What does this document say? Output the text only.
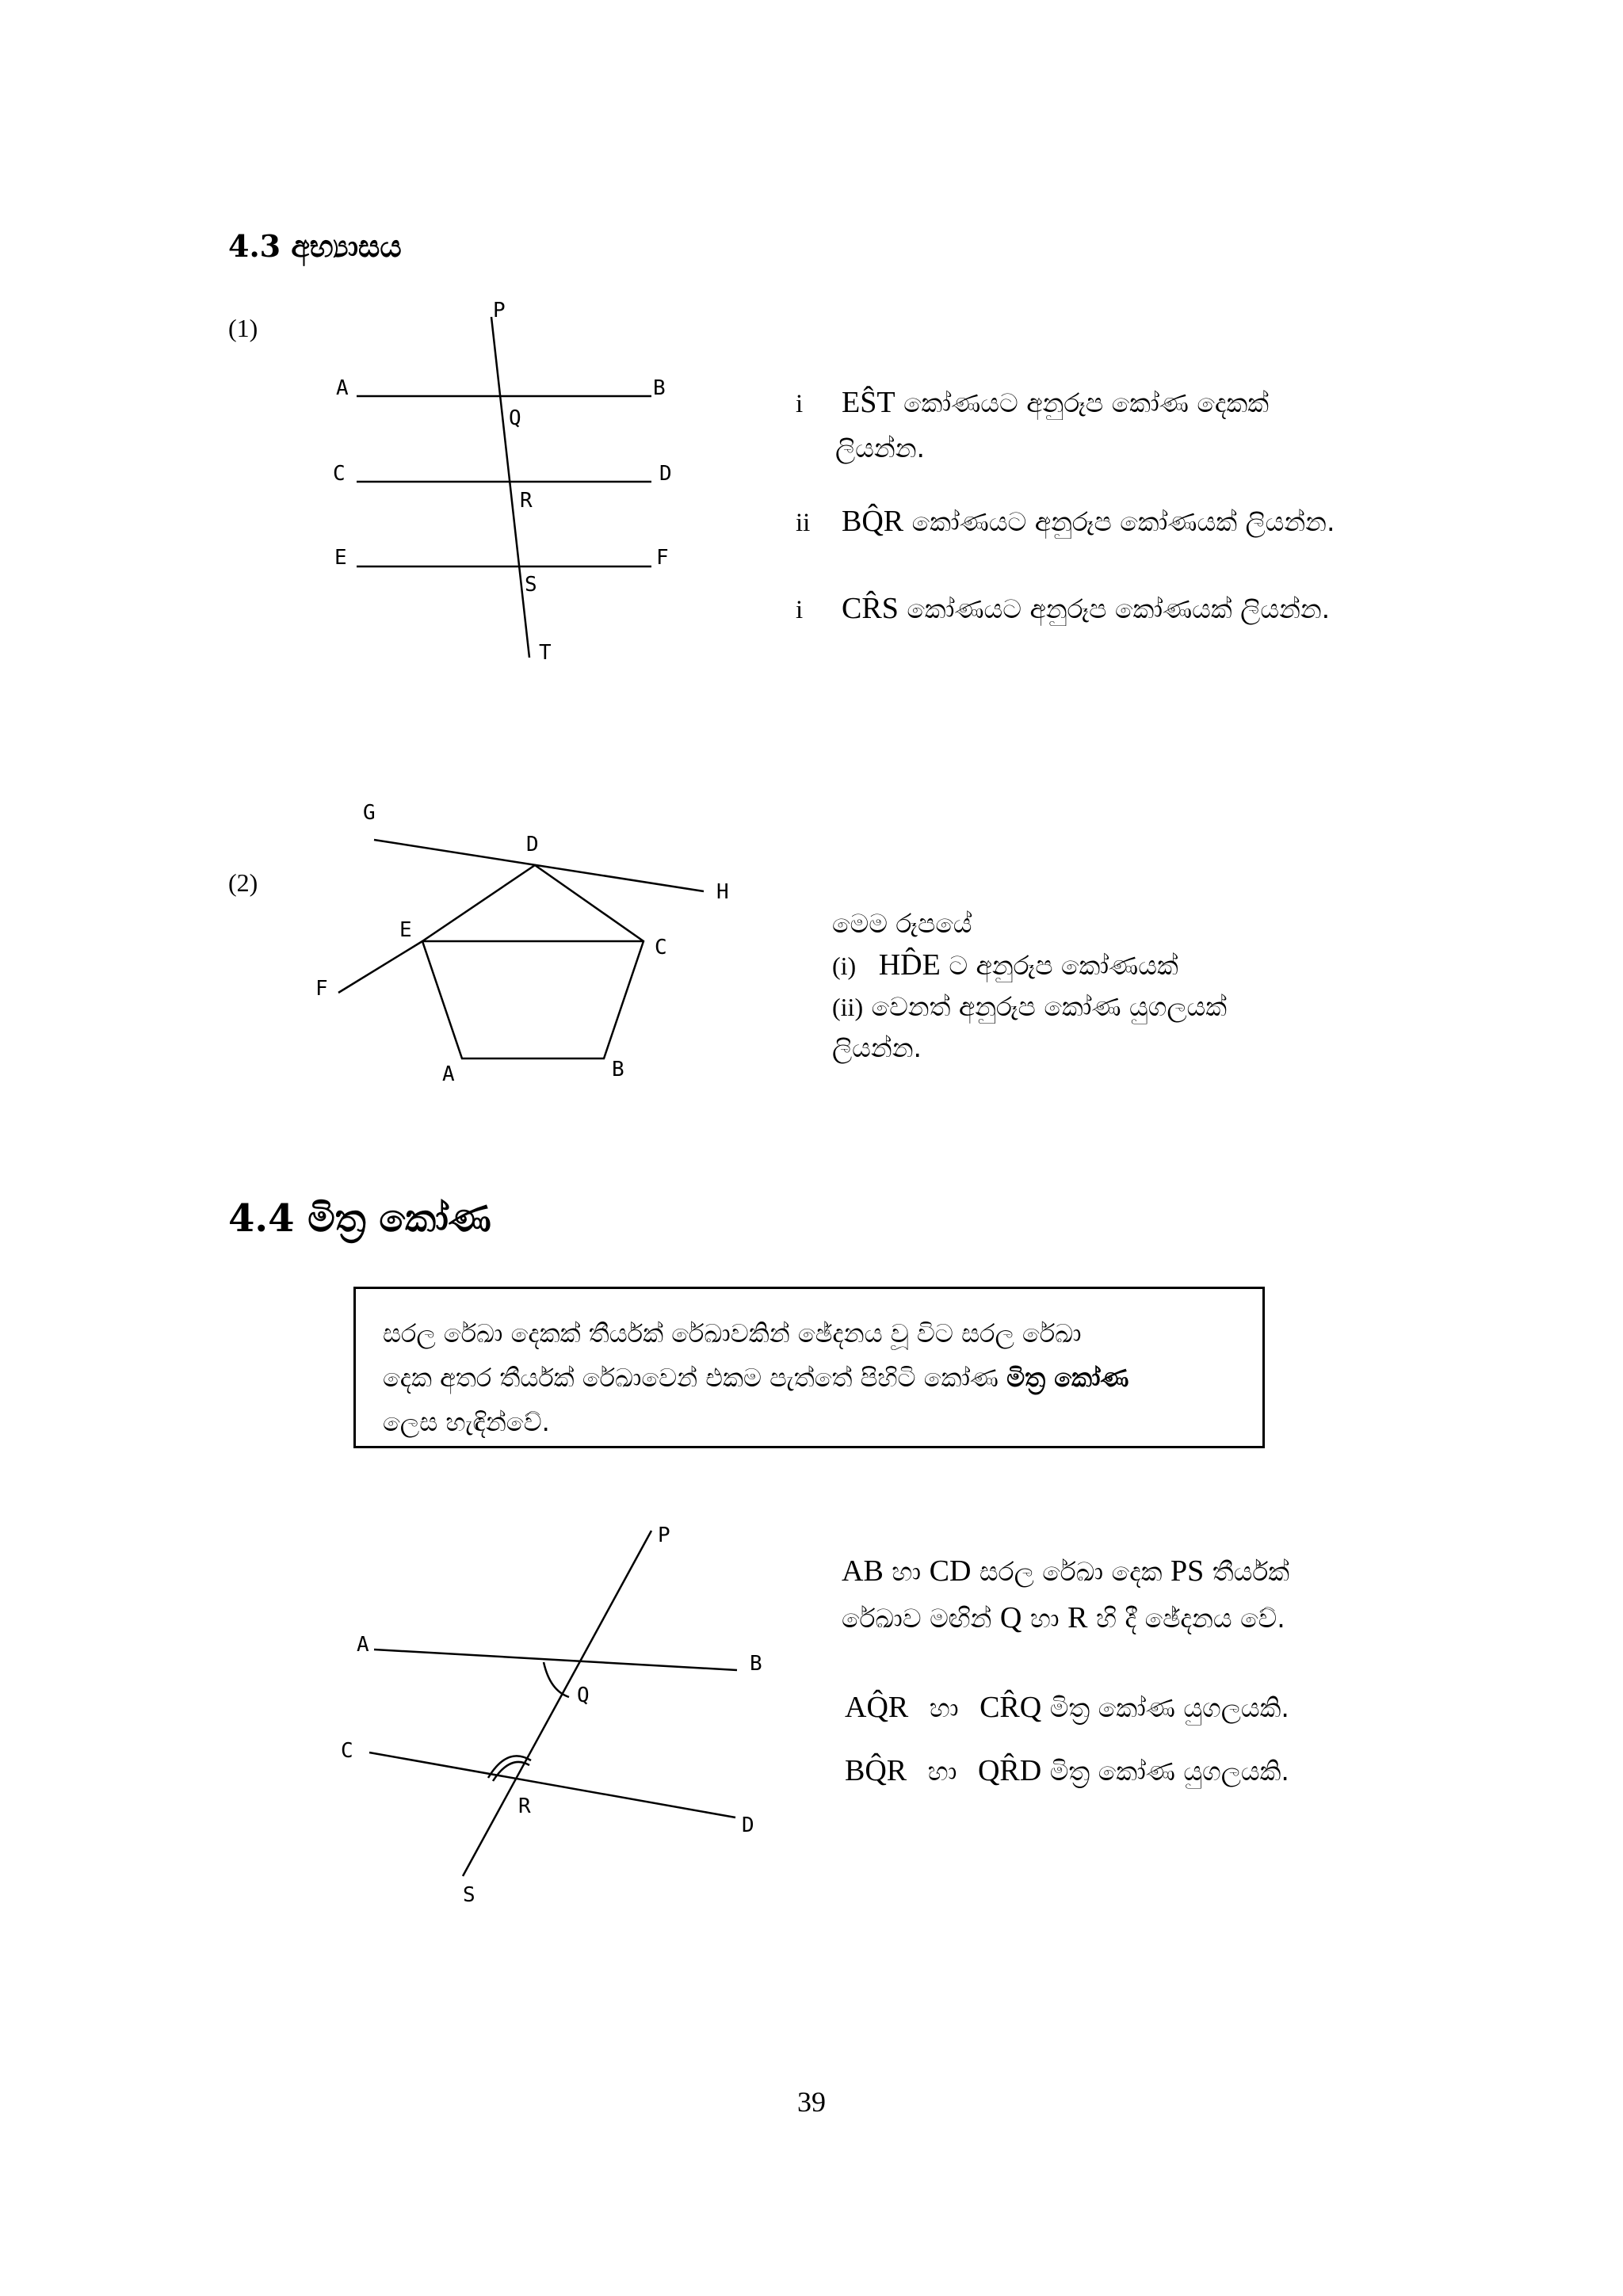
4.3 අභ්‍යාසය
(1)
P
A	B
Q
C	D
R
E	F
S
T
G
D
H
E
C
F
A	B
P
A
B
Q
C
R
D
S
i EŜT කෝණයට අනුරූප කෝණ දෙකක්
ලියන්න.
ii BQ̂R කෝණයට අනුරූප කෝණයක් ලියන්න.
i CR̂S කෝණයට අනුරූප කෝණයක් ලියන්න.
(2)
මෙම රූපයේ
(i) HD̂E ට අනුරූප කෝණයක්
(ii) වෙනත් අනුරූප කෝණ යුගලයක්
ලියන්න.
4.4 මිත්‍ර කෝණ
සරල රේඛා දෙකක් තීර්යක් රේඛාවකින් ඡේදනය වූ විට සරල රේඛා
දෙක අතර තීර්යක් රේඛාවෙන් එකම පැත්තේ පිහිටි කෝණ මිත්‍ර කෝණ
ලෙස හැඳින්වේ.
AB හා CD සරල රේඛා දෙක PS තීර්යක්
රේඛාව මඟින් Q හා R හි දී ඡේදනය වේ.
AQ̂R හා CR̂Q මිත්‍ර කෝණ යුගලයකි.
BQ̂R හා QR̂D මිත්‍ර කෝණ යුගලයකි.
39
